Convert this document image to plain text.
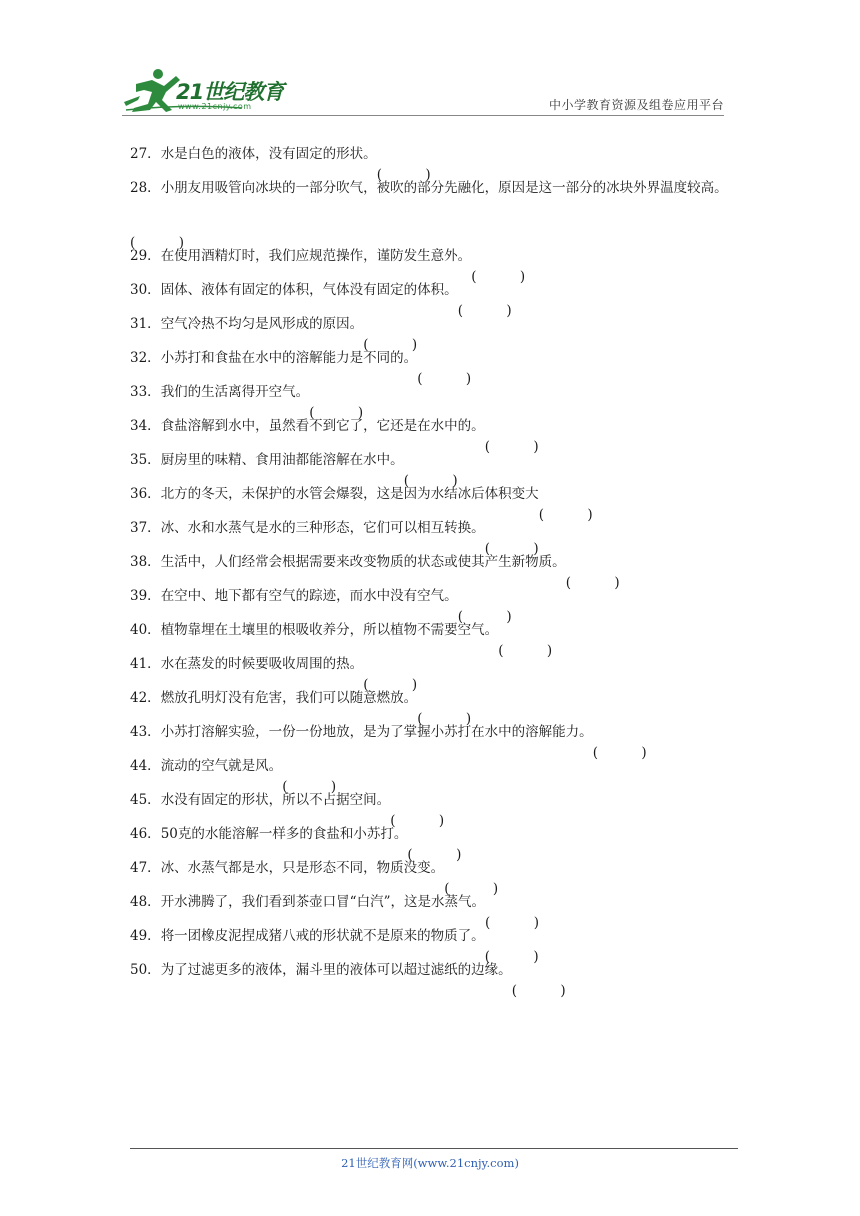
21世纪教育
www.21cnjy.com	中小学教育资源及组卷应用平台
27．水是白色的液体，没有固定的形状。
28．小朋友用吸管向冰块的一部分吹气，被吹的部分先融化，原因是这一部分的冰块外界温度较高。
29．在使用酒精灯时，我们应规范操作，谨防发生意外。
30．固体、液体有固定的体积，气体没有固定的体积。
31．空气冷热不均匀是风形成的原因。
32．小苏打和食盐在水中的溶解能力是不同的。
33．我们的生活离得开空气。
34．食盐溶解到水中，虽然看不到它了，它还是在水中的。
35．厨房里的味精、食用油都能溶解在水中。
36．北方的冬天，未保护的水管会爆裂，这是因为水结冰后体积变大
37．冰、水和水蒸气是水的三种形态，它们可以相互转换。
38．生活中，人们经常会根据需要来改变物质的状态或使其产生新物质。
39．在空中、地下都有空气的踪迹，而水中没有空气。
40．植物靠埋在土壤里的根吸收养分，所以植物不需要空气。
41．水在蒸发的时候要吸收周围的热。
42．燃放孔明灯没有危害，我们可以随意燃放。
43．小苏打溶解实验，一份一份地放，是为了掌握小苏打在水中的溶解能力。
44．流动的空气就是风。
45．水没有固定的形状，所以不占据空间。
46．50克的水能溶解一样多的食盐和小苏打。
47．冰、水蒸气都是水，只是形态不同，物质没变。
48．开水沸腾了，我们看到茶壶口冒“白汽”，这是水蒸气。
49．将一团橡皮泥捏成猪八戒的形状就不是原来的物质了。
50．为了过滤更多的液体，漏斗里的液体可以超过滤纸的边缘。
21世纪教育网(www.21cnjy.com)
